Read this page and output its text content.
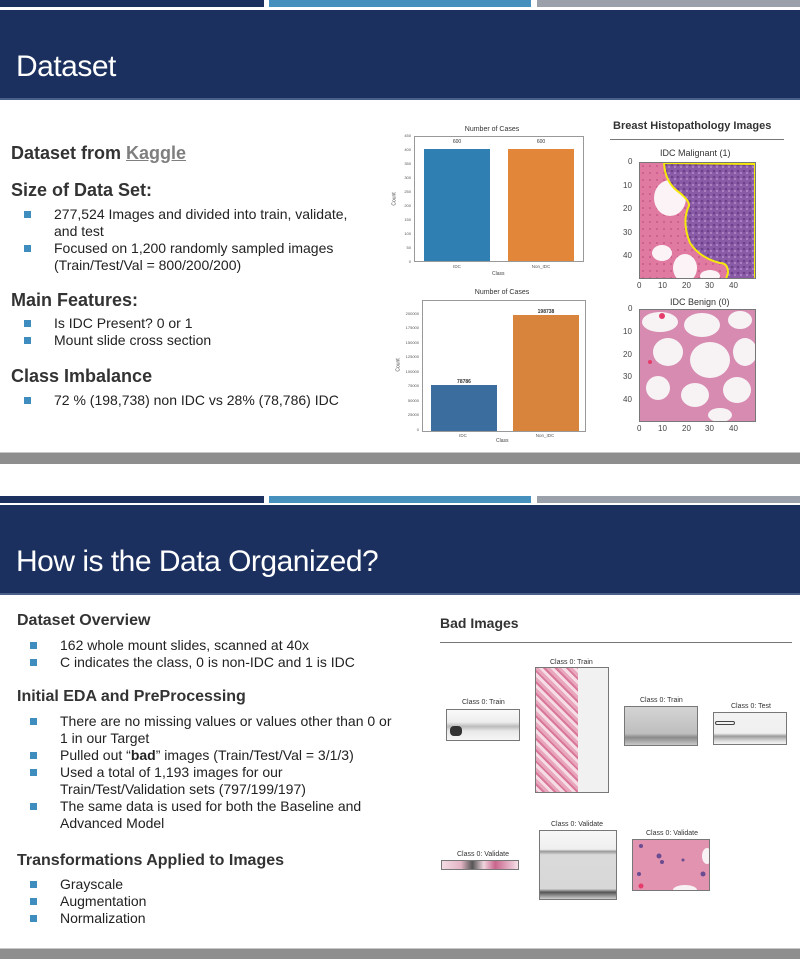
Dataset
Dataset from Kaggle
Size of Data Set:
277,524 Images and divided into train, validate, and test
Focused on 1,200 randomly sampled images (Train/Test/Val = 800/200/200)
Main Features:
Is IDC Present? 0 or 1
Mount slide cross section
Class Imbalance
72 % (198,738) non IDC vs 28% (78,786) IDC
Number of Cases
600	600
450
400
350
300
250
200
150
100
50
0
IDC	Non_IDC
Class
Count
Number of Cases
78786
198738
200000
175000
150000
125000
100000
75000
50000
25000
0
IDC	Non_IDC
Class
Count
Breast Histopathology Images
IDC Malignant (1)
0
10
20
30
40
0 10 20 30 40
IDC Benign (0)
0
10
20
30
40
0 10 20 30 40
How is the Data Organized?
Dataset Overview
162 whole mount slides, scanned at 40x
C indicates the class, 0 is non-IDC and 1 is IDC
Initial EDA and PreProcessing
There are no missing values or values other than 0 or 1 in our Target
Pulled out “bad” images (Train/Test/Val = 3/1/3)
Used a total of 1,193 images for our Train/Test/Validation sets (797/199/197)
The same data is used for both the Baseline and Advanced Model
Transformations Applied to Images
Grayscale
Augmentation
Normalization
Bad Images
Class 0: Train
Class 0: Train
Class 0: Train
Class 0: Test
Class 0: Validate
Class 0: Validate
Class 0: Validate
